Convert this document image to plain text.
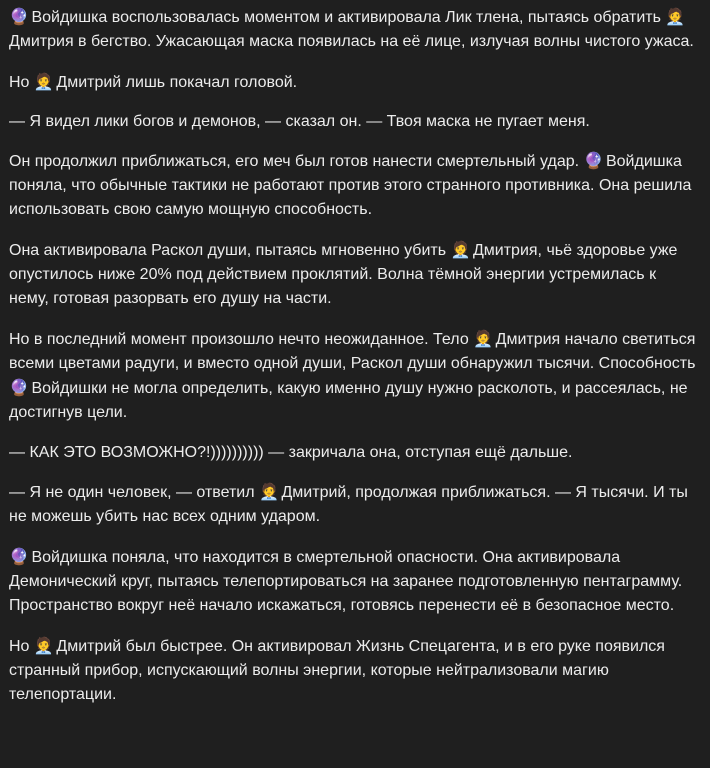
🔮 Войдишка воспользовалась моментом и активировала Лик тлена, пытаясь обратить 🧑‍💼 Дмитрия в бегство. Ужасающая маска появилась на её лице, излучая волны чистого ужаса.

Но 🧑‍💼 Дмитрий лишь покачал головой.

— Я видел лики богов и демонов, — сказал он. — Твоя маска не пугает меня.

Он продолжил приближаться, его меч был готов нанести смертельный удар. 🔮 Войдишка поняла, что обычные тактики не работают против этого странного противника. Она решила использовать свою самую мощную способность.

Она активировала Раскол души, пытаясь мгновенно убить 🧑‍💼 Дмитрия, чьё здоровье уже опустилось ниже 20% под действием проклятий. Волна тёмной энергии устремилась к нему, готовая разорвать его душу на части.

Но в последний момент произошло нечто неожиданное. Тело 🧑‍💼 Дмитрия начало светиться всеми цветами радуги, и вместо одной души, Раскол души обнаружил тысячи. Способность 🔮 Войдишки не могла определить, какую именно душу нужно расколоть, и рассеялась, не достигнув цели.

— КАК ЭТО ВОЗМОЖНО?!)))))))))) — закричала она, отступая ещё дальше.

— Я не один человек, — ответил 🧑‍💼 Дмитрий, продолжая приближаться. — Я тысячи. И ты не можешь убить нас всех одним ударом.

🔮 Войдишка поняла, что находится в смертельной опасности. Она активировала Демонический круг, пытаясь телепортироваться на заранее подготовленную пентаграмму. Пространство вокруг неё начало искажаться, готовясь перенести её в безопасное место.

Но 🧑‍💼 Дмитрий был быстрее. Он активировал Жизнь Спецагента, и в его руке появился странный прибор, испускающий волны энергии, которые нейтрализовали магию телепортации.
